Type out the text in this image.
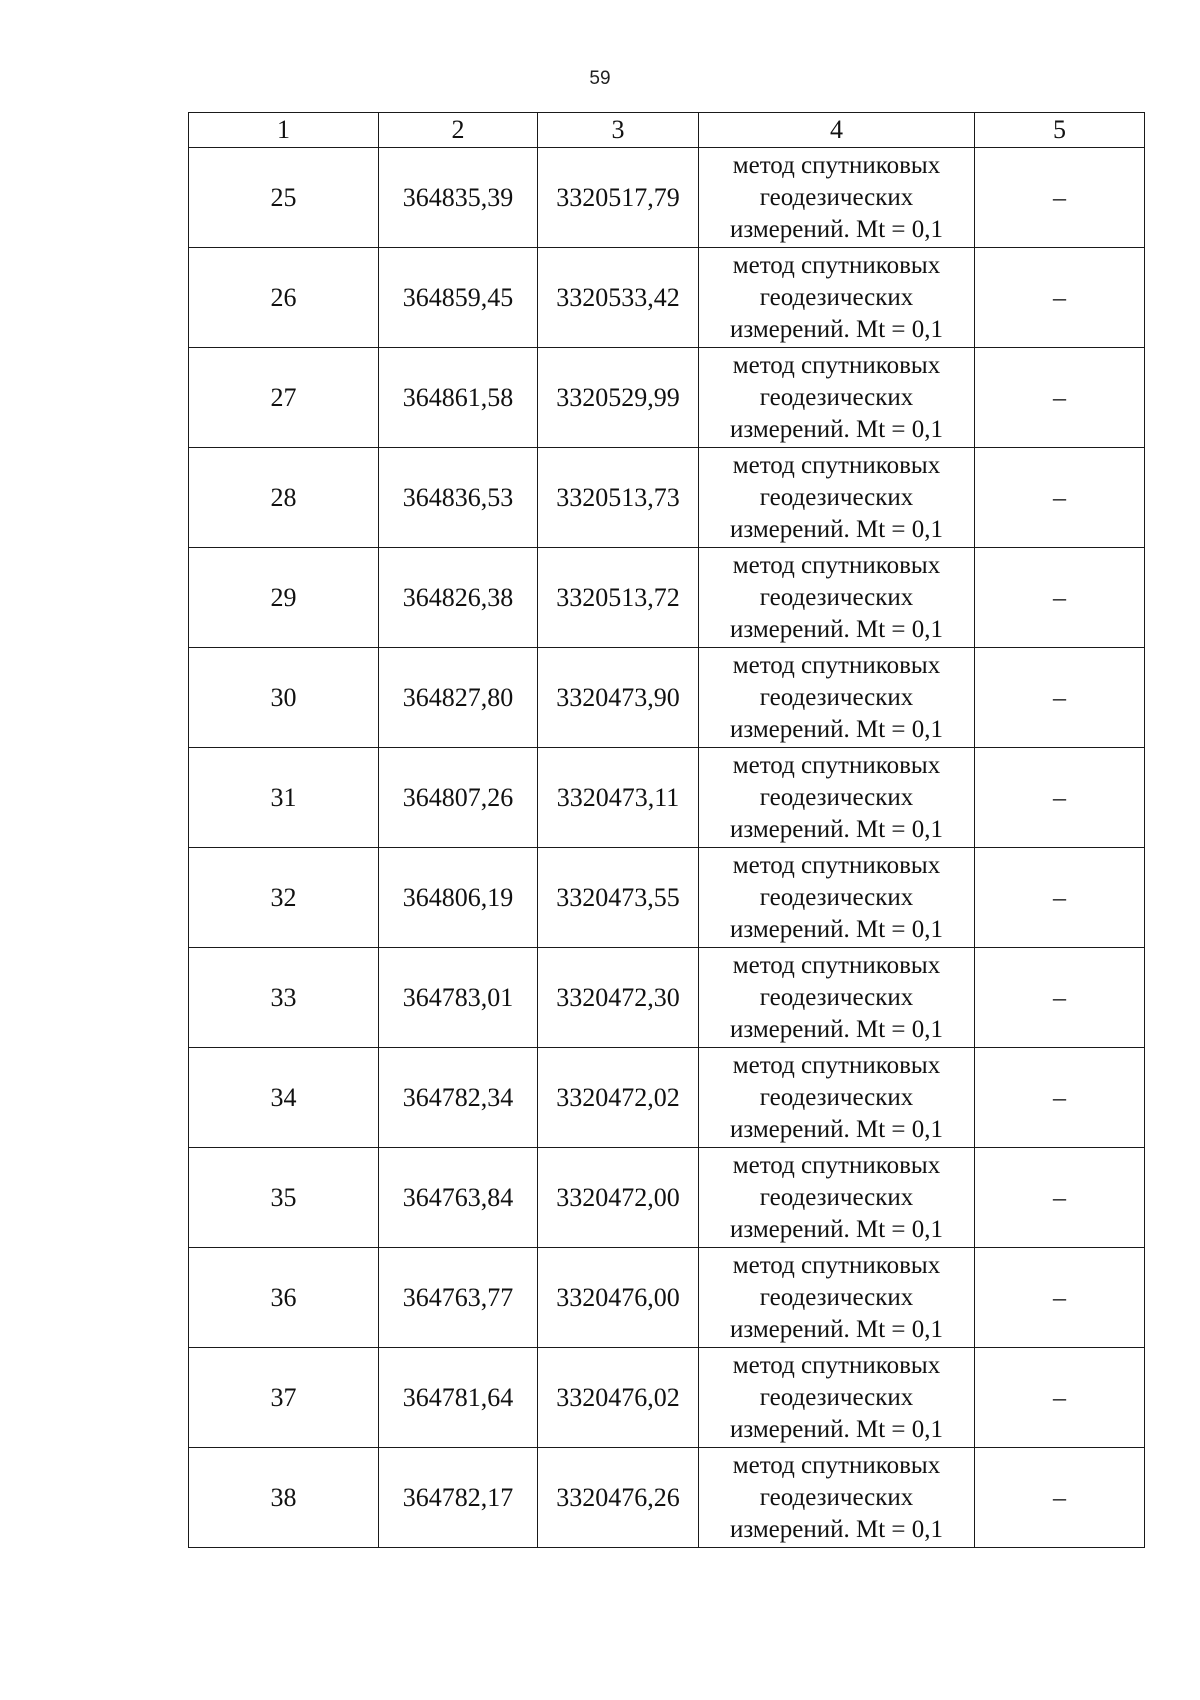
59
1	2	3	4	5
25	364835,39	3320517,79	метод спутниковых
геодезических
измерений. Mt = 0,1	–
26	364859,45	3320533,42	метод спутниковых
геодезических
измерений. Mt = 0,1	–
27	364861,58	3320529,99	метод спутниковых
геодезических
измерений. Mt = 0,1	–
28	364836,53	3320513,73	метод спутниковых
геодезических
измерений. Mt = 0,1	–
29	364826,38	3320513,72	метод спутниковых
геодезических
измерений. Mt = 0,1	–
30	364827,80	3320473,90	метод спутниковых
геодезических
измерений. Mt = 0,1	–
31	364807,26	3320473,11	метод спутниковых
геодезических
измерений. Mt = 0,1	–
32	364806,19	3320473,55	метод спутниковых
геодезических
измерений. Mt = 0,1	–
33	364783,01	3320472,30	метод спутниковых
геодезических
измерений. Mt = 0,1	–
34	364782,34	3320472,02	метод спутниковых
геодезических
измерений. Mt = 0,1	–
35	364763,84	3320472,00	метод спутниковых
геодезических
измерений. Mt = 0,1	–
36	364763,77	3320476,00	метод спутниковых
геодезических
измерений. Mt = 0,1	–
37	364781,64	3320476,02	метод спутниковых
геодезических
измерений. Mt = 0,1	–
38	364782,17	3320476,26	метод спутниковых
геодезических
измерений. Mt = 0,1	–
